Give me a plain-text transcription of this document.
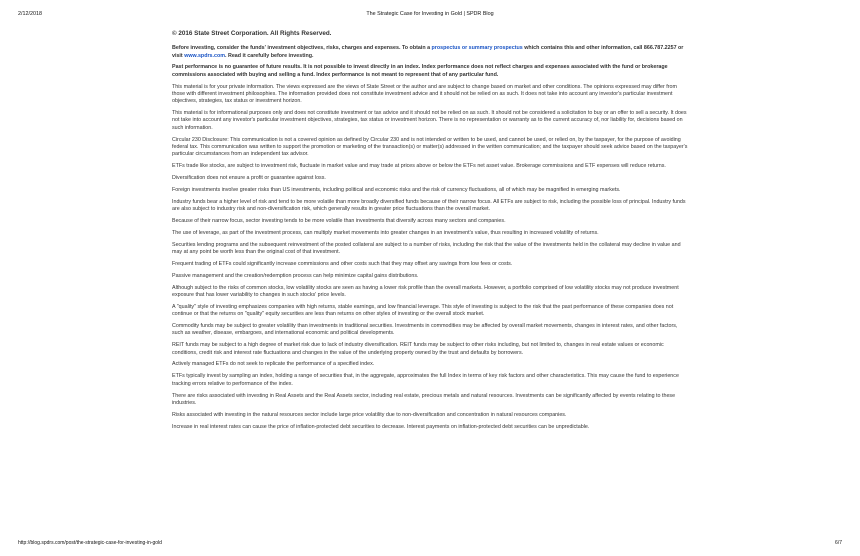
2/12/2018	The Strategic Case for Investing in Gold | SPDR Blog

© 2016 State Street Corporation. All Rights Reserved.

Before investing, consider the funds' investment objectives, risks, charges and expenses. To obtain a prospectus or summary prospectus which contains this and other information, call 866.787.2257 or visit www.spdrs.com. Read it carefully before investing.

Past performance is no guarantee of future results. It is not possible to invest directly in an index. Index performance does not reflect charges and expenses associated with the fund or brokerage commissions associated with buying and selling a fund. Index performance is not meant to represent that of any particular fund.

This material is for your private information. The views expressed are the views of State Street or the author and are subject to change based on market and other conditions. The opinions expressed may differ from those with different investment philosophies. The information provided does not constitute investment advice and it should not be relied on as such. It does not take into account any investor's particular investment objectives, strategies, tax status or investment horizon.

This material is for informational purposes only and does not constitute investment or tax advice and it should not be relied on as such. It should not be considered a solicitation to buy or an offer to sell a security. It does not take into account any investor's particular investment objectives, strategies, tax status or investment horizon. There is no representation or warranty as to the current accuracy of, nor liability for, decisions based on such information.

Circular 230 Disclosure: This communication is not a covered opinion as defined by Circular 230 and is not intended or written to be used, and cannot be used, or relied on, by the taxpayer, for the purpose of avoiding federal tax. This communication was written to support the promotion or marketing of the transaction(s) or matter(s) addressed in the written communication; and the taxpayer should seek advice based on the taxpayer's particular circumstances from an independent tax advisor.

ETFs trade like stocks, are subject to investment risk, fluctuate in market value and may trade at prices above or below the ETFs net asset value. Brokerage commissions and ETF expenses will reduce returns.

Diversification does not ensure a profit or guarantee against loss.

Foreign investments involve greater risks than US investments, including political and economic risks and the risk of currency fluctuations, all of which may be magnified in emerging markets.

Industry funds bear a higher level of risk and tend to be more volatile than more broadly diversified funds because of their narrow focus. All ETFs are subject to risk, including the possible loss of principal. Industry funds are also subject to industry risk and non-diversification risk, which generally results in greater price fluctuations than the overall market.

Because of their narrow focus, sector investing tends to be more volatile than investments that diversify across many sectors and companies.

The use of leverage, as part of the investment process, can multiply market movements into greater changes in an investment's value, thus resulting in increased volatility of returns.

Securities lending programs and the subsequent reinvestment of the posted collateral are subject to a number of risks, including the risk that the value of the investments held in the collateral may decline in value and may at any point be worth less than the original cost of that investment.

Frequent trading of ETFs could significantly increase commissions and other costs such that they may offset any savings from low fees or costs.

Passive management and the creation/redemption process can help minimize capital gains distributions.

Although subject to the risks of common stocks, low volatility stocks are seen as having a lower risk profile than the overall markets. However, a portfolio comprised of low volatility stocks may not produce investment exposure that has lower variability to changes in such stocks' price levels.

A "quality" style of investing emphasizes companies with high returns, stable earnings, and low financial leverage. This style of investing is subject to the risk that the past performance of these companies does not continue or that the returns on "quality" equity securities are less than returns on other styles of investing or the overall stock market.

Commodity funds may be subject to greater volatility than investments in traditional securities. Investments in commodities may be affected by overall market movements, changes in interest rates, and other factors, such as weather, disease, embargoes, and international economic and political developments.

REIT funds may be subject to a high degree of market risk due to lack of industry diversification. REIT funds may be subject to other risks including, but not limited to, changes in real estate values or economic conditions, credit risk and interest rate fluctuations and changes in the value of the underlying property owned by the trust and defaults by borrowers.

Actively managed ETFs do not seek to replicate the performance of a specified index.

ETFs typically invest by sampling an index, holding a range of securities that, in the aggregate, approximates the full Index in terms of key risk factors and other characteristics. This may cause the fund to experience tracking errors relative to performance of the index.

There are risks associated with investing in Real Assets and the Real Assets sector, including real estate, precious metals and natural resources. Investments can be significantly affected by events relating to these industries.

Risks associated with investing in the natural resources sector include large price volatility due to non-diversification and concentration in natural resources companies.

Increase in real interest rates can cause the price of inflation-protected debt securities to decrease. Interest payments on inflation-protected debt securities can be unpredictable.

http://blog.spdrs.com/post/the-strategic-case-for-investing-in-gold	6/7
